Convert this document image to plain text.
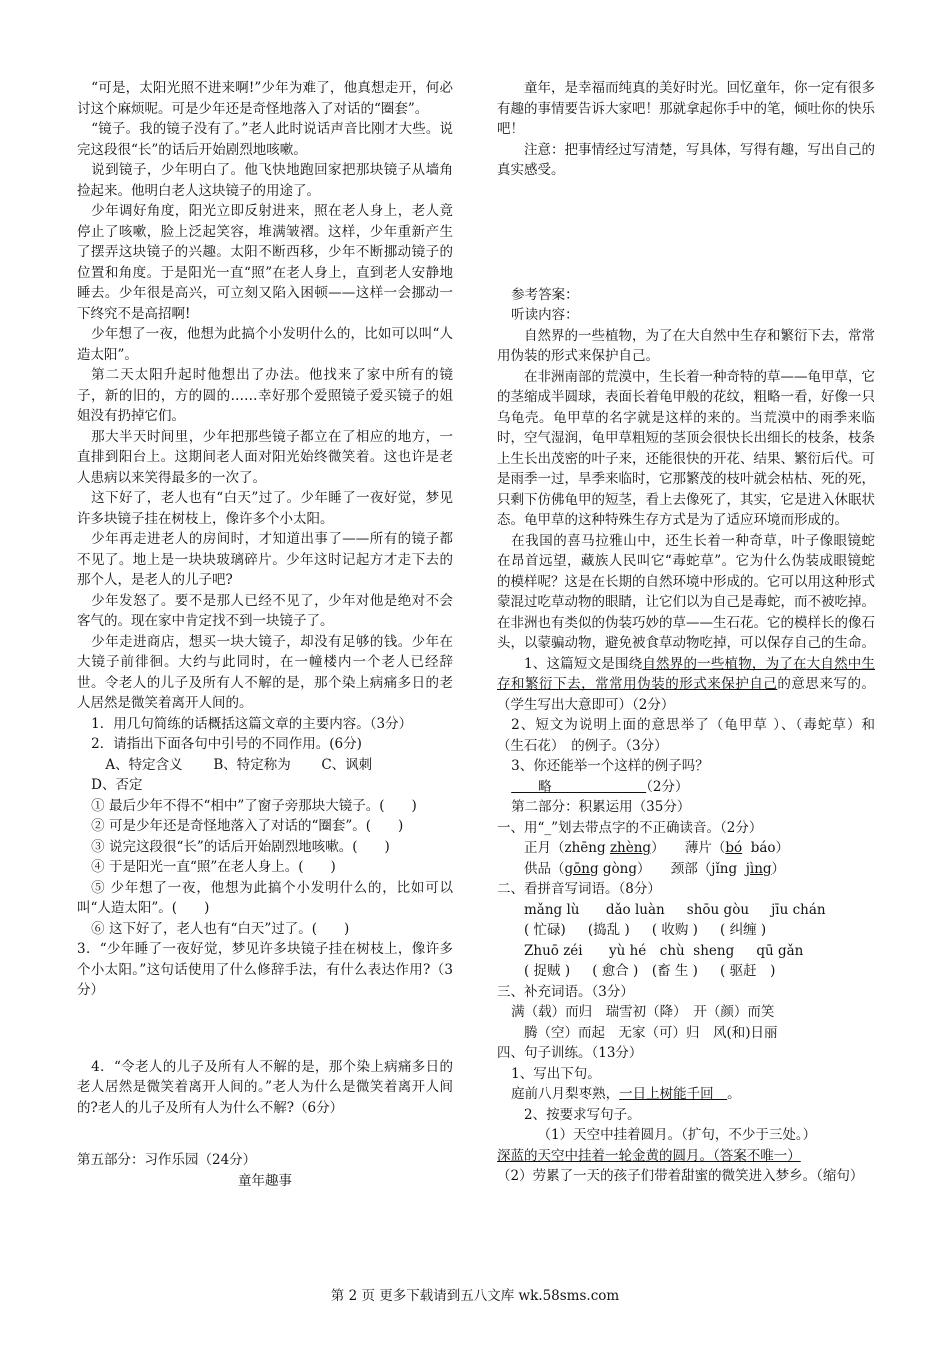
“可是，太阳光照不进来啊!”少年为难了，他真想走开，何必讨这个麻烦呢。可是少年还是奇怪地落入了对话的“圈套”。

“镜子。我的镜子没有了。”老人此时说话声音比刚才大些。说完这段很“长”的话后开始剧烈地咳嗽。

说到镜子，少年明白了。他飞快地跑回家把那块镜子从墙角捡起来。他明白老人这块镜子的用途了。

少年调好角度，阳光立即反射进来，照在老人身上，老人竟停止了咳嗽，脸上泛起笑容，堆满皱褶。这样，少年重新产生了摆弄这块镜子的兴趣。太阳不断西移，少年不断挪动镜子的位置和角度。于是阳光一直“照”在老人身上，直到老人安静地睡去。少年很是高兴，可立刻又陷入困顿——这样一会挪动一下终究不是高招啊!

少年想了一夜，他想为此搞个小发明什么的，比如可以叫“人造太阳”。

第二天太阳升起时他想出了办法。他找来了家中所有的镜子，新的旧的，方的圆的……幸好那个爱照镜子爱买镜子的姐姐没有扔掉它们。

那大半天时间里，少年把那些镜子都立在了相应的地方，一直排到阳台上。这期间老人面对阳光始终微笑着。这也许是老人患病以来笑得最多的一次了。

这下好了，老人也有“白天”过了。少年睡了一夜好觉，梦见许多块镜子挂在树枝上，像许多个小太阳。

少年再走进老人的房间时，才知道出事了——所有的镜子都不见了。地上是一块块玻璃碎片。少年这时记起方才走下去的那个人，是老人的儿子吧?

少年发怒了。要不是那人已经不见了，少年对他是绝对不会客气的。现在家中肯定找不到一块镜子了。

少年走进商店，想买一块大镜子，却没有足够的钱。少年在大镜子前徘徊。大约与此同时，在一幢楼内一个老人已经辞世。令老人的儿子及所有人不解的是，那个染上病痛多日的老人居然是微笑着离开人间的。

1．用几句简练的话概括这篇文章的主要内容。（3分）

2．请指出下面各句中引号的不同作用。(6分)

A、特定含义 B、特定称为 C、讽刺D、否定

① 最后少年不得不“相中”了窗子旁那块大镜子。(　　)

② 可是少年还是奇怪地落入了对话的“圈套”。(　　)

③ 说完这段很“长”的话后开始剧烈地咳嗽。(　　)

④ 于是阳光一直“照”在老人身上。(　　)

⑤ 少年想了一夜，他想为此搞个小发明什么的，比如可以叫“人造太阳”。(　　)

⑥ 这下好了，老人也有“白天”过了。(　　)

3．“少年睡了一夜好觉，梦见许多块镜子挂在树枝上，像许多个小太阳。”这句话使用了什么修辞手法，有什么表达作用?（3分）

4．“令老人的儿子及所有人不解的是，那个染上病痛多日的老人居然是微笑着离开人间的。”老人为什么是微笑着离开人间的?老人的儿子及所有人为什么不解?（6分）

第五部分：习作乐园（24分）

童年趣事

童年，是幸福而纯真的美好时光。回忆童年，你一定有很多有趣的事情要告诉大家吧！那就拿起你手中的笔，倾吐你的快乐吧！

注意：把事情经过写清楚，写具体，写得有趣，写出自己的真实感受。

参考答案：

听读内容：

自然界的一些植物，为了在大自然中生存和繁衍下去，常常用伪装的形式来保护自己。

在非洲南部的荒漠中，生长着一种奇特的草——龟甲草，它的茎缩成半圆球，表面长着龟甲般的花纹，粗略一看，好像一只乌龟壳。龟甲草的名字就是这样的来的。当荒漠中的雨季来临时，空气湿润，龟甲草粗短的茎顶会很快长出细长的枝条，枝条上生长出茂密的叶子来，还能很快的开花、结果、繁衍后代。可是雨季一过，旱季来临时，它那繁茂的枝叶就会枯枯、死的死，只剩下仿佛龟甲的短茎，看上去像死了，其实，它是进入休眠状态。龟甲草的这种特殊生存方式是为了适应环境而形成的。

在我国的喜马拉雅山中，还生长着一种奇草，叶子像眼镜蛇在昂首远望，藏族人民叫它“毒蛇草”。它为什么伪装成眼镜蛇的模样呢？这是在长期的自然环境中形成的。它可以用这种形式蒙混过吃草动物的眼睛，让它们以为自己是毒蛇，而不被吃掉。在非洲也有类似的伪装巧妙的草——生石花。它的模样长的像石头，以蒙骗动物，避免被食草动物吃掉，可以保存自己的生命。

1、这篇短文是围绕自然界的一些植物，为了在大自然中生存和繁衍下去，常常用伪装的形式来保护自己的意思来写的。（学生写出大意即可）（2分）

2、短文为说明上面的意思举了（龟甲草 ）、（毒蛇草）和（生石花）　的例子。（3分）

3、你还能举一个这样的例子吗？

　　略　　　　　　　（2分）

第二部分：积累运用（35分）

一、用“_”划去带点字的不正确读音。（2分）

正月（zhēng zhèng）　　薄片（bó  báo）

供品（gōng gòng）　　颈部（jǐng  jìng）

二、看拼音写词语。（8分）

mǎng lù　   dǎo luàn　  shōu gòu　  jīu chán

( 忙碌)　  (捣乱 )　  ( 收购 )　  ( 纠缠 )

Zhuō zéi　   yù hé　chù  sheng　  qū gǎn

( 捉贼 )　  ( 愈合 )　(畜 生 )　  ( 驱赶　)

三、补充词语。（3分）

满（载）而归　瑞雪初（降）　开（颜）而笑

腾（空）而起　无家（可）归　风(和)日丽

四、句子训练。（13分）

1、写出下句。

庭前八月梨枣熟，一日上树能千回　。

2、按要求写句子。

（1）天空中挂着圆月。（扩句，不少于三处。）

深蓝的天空中挂着一轮金黄的圆月。（答案不唯一）

（2）劳累了一天的孩子们带着甜蜜的微笑进入梦乡。（缩句）

第 2 页 更多下载请到五八文库 wk.58sms.com
